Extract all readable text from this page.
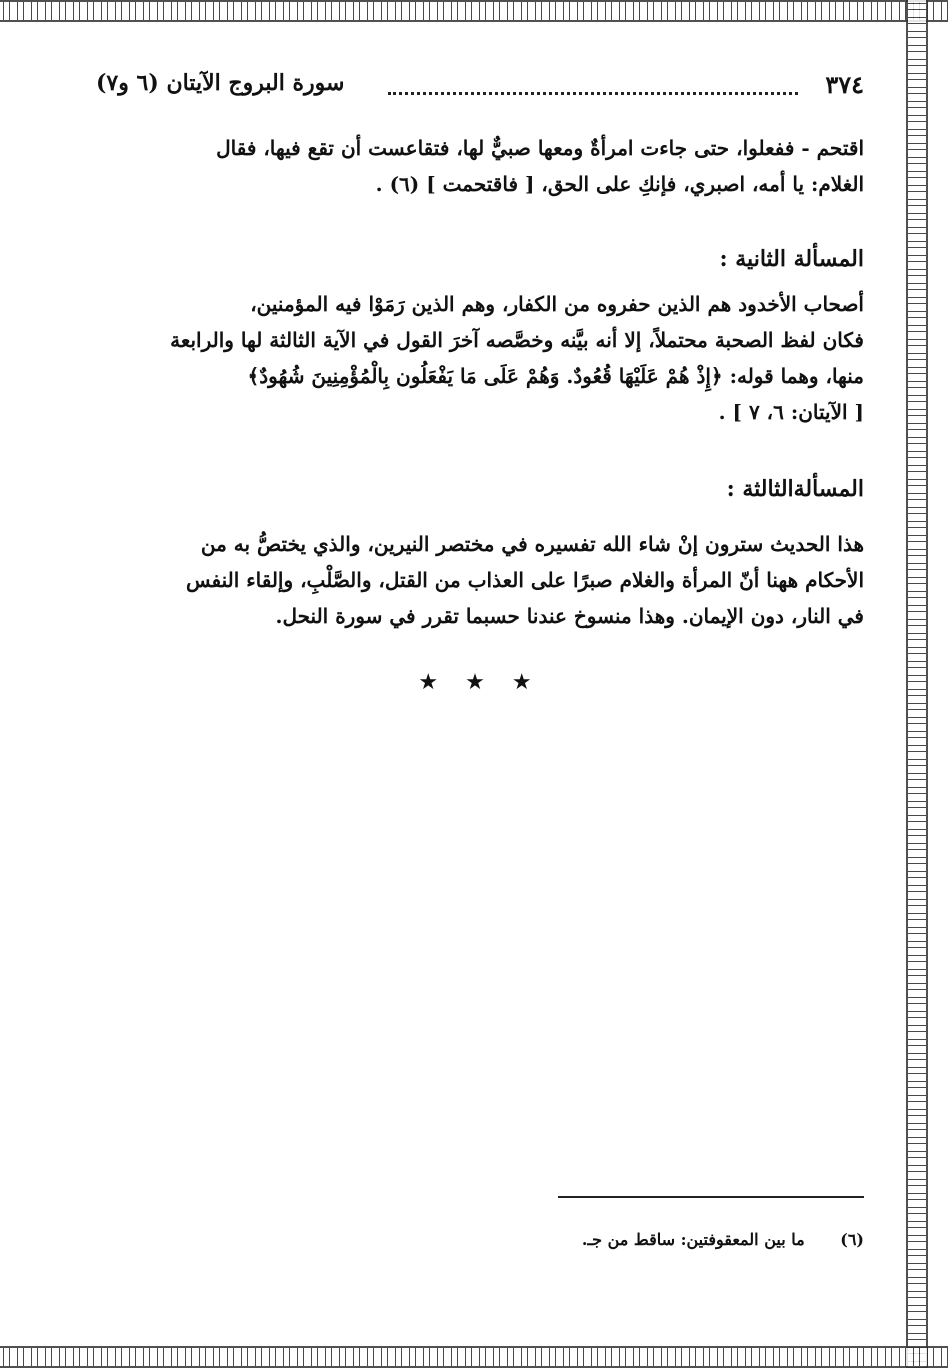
٣٧٤
سورة البروج الآيتان (٦ و٧)
اقتحم - ففعلوا، حتى جاءت امرأةٌ ومعها صبيٌّ لها، فتقاعست أن تقع فيها، فقال
الغلام: يا أمه، اصبري، فإنكِ على الحق، [ فاقتحمت ] (٦) .
المسألة الثانية :
أصحاب الأخدود هم الذين حفروه من الكفار، وهم الذين رَمَوْا فيه المؤمنين،
فكان لفظ الصحبة محتملاً، إلا أنه بيَّنه وخصَّصه آخرَ القول في الآية الثالثة لها والرابعة
منها، وهما قوله: ﴿إِذْ هُمْ عَلَيْهَا قُعُودٌ. وَهُمْ عَلَى مَا يَفْعَلُون بِالْمُؤْمِنِينَ شُهُودٌ﴾
[ الآيتان: ٦، ٧ ] .
المسألةالثالثة :
هذا الحديث سترون إنْ شاء الله تفسيره في مختصر النيرين، والذي يختصُّ به من
الأحكام ههنا أنّ المرأة والغلام صبرًا على العذاب من القتل، والصَّلْبِ، وإلقاء النفس
في النار، دون الإيمان. وهذا منسوخ عندنا حسبما تقرر في سورة النحل.
★ ★ ★
(٦) ما بين المعقوفتين: ساقط من جـ.
